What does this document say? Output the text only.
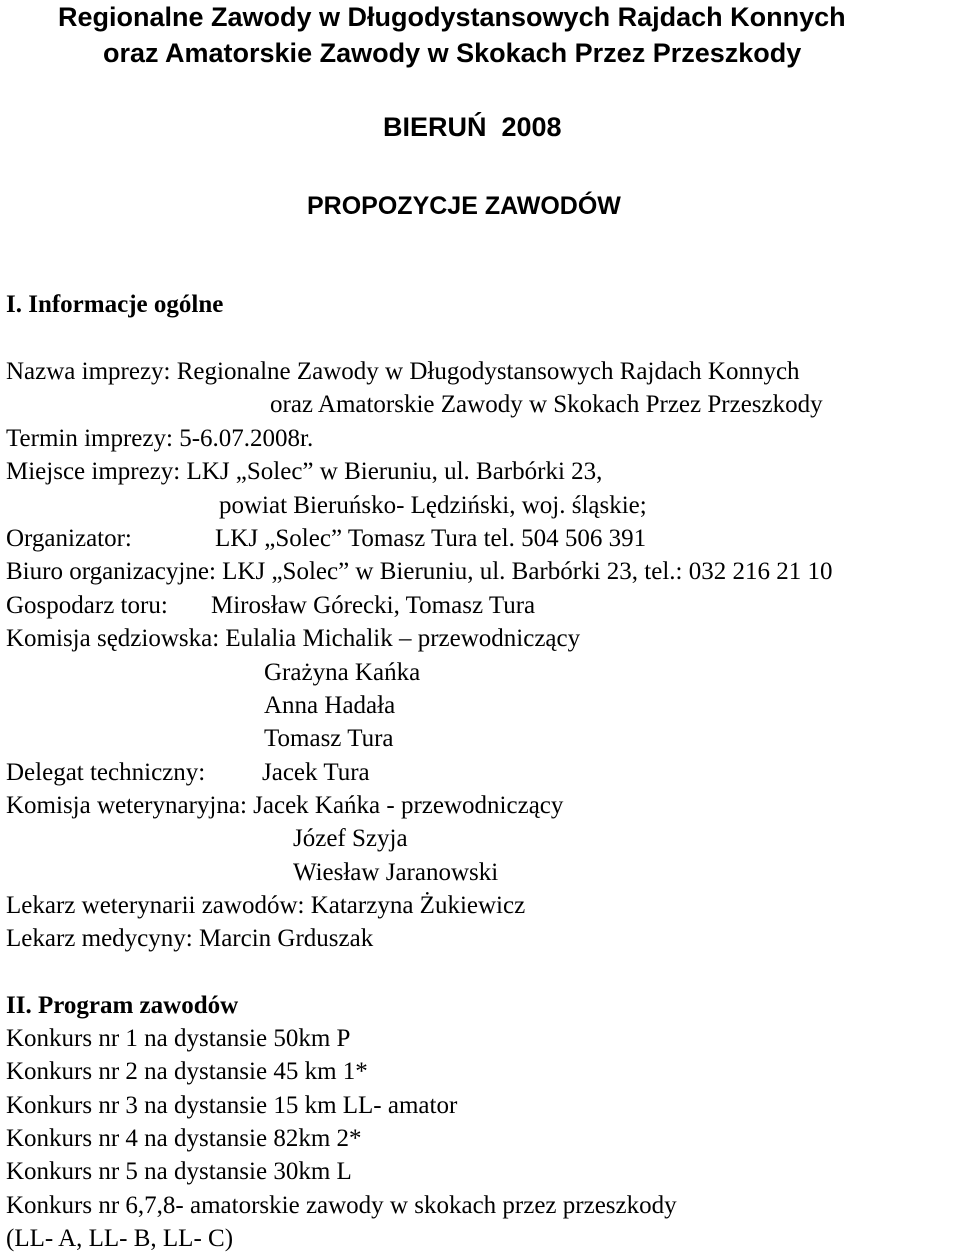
Regionalne Zawody w Długodystansowych Rajdach Konnych
oraz Amatorskie Zawody w Skokach Przez Przeszkody
BIERUŃ  2008
PROPOZYCJE ZAWODÓW
I. Informacje ogólne
Nazwa imprezy: Regionalne Zawody w Długodystansowych Rajdach Konnych
oraz Amatorskie Zawody w Skokach Przez Przeszkody
Termin imprezy: 5-6.07.2008r.
Miejsce imprezy: LKJ „Solec” w Bieruniu, ul. Barbórki 23,
powiat Bieruńsko- Lędziński, woj. śląskie;
Organizator:	LKJ „Solec” Tomasz Tura tel. 504 506 391
Biuro organizacyjne: LKJ „Solec” w Bieruniu, ul. Barbórki 23, tel.: 032 216 21 10
Gospodarz toru: Mirosław Górecki, Tomasz Tura
Komisja sędziowska: Eulalia Michalik – przewodniczący
Grażyna Kańka
Anna Hadała
Tomasz Tura
Delegat techniczny: Jacek Tura
Komisja weterynaryjna: Jacek Kańka - przewodniczący
Józef Szyja
Wiesław Jaranowski
Lekarz weterynarii zawodów: Katarzyna Żukiewicz
Lekarz medycyny: Marcin Grduszak
II. Program zawodów
Konkurs nr 1 na dystansie 50km P
Konkurs nr 2 na dystansie 45 km 1*
Konkurs nr 3 na dystansie 15 km LL- amator
Konkurs nr 4 na dystansie 82km 2*
Konkurs nr 5 na dystansie 30km L
Konkurs nr 6,7,8- amatorskie zawody w skokach przez przeszkody
(LL- A, LL- B, LL- C)
